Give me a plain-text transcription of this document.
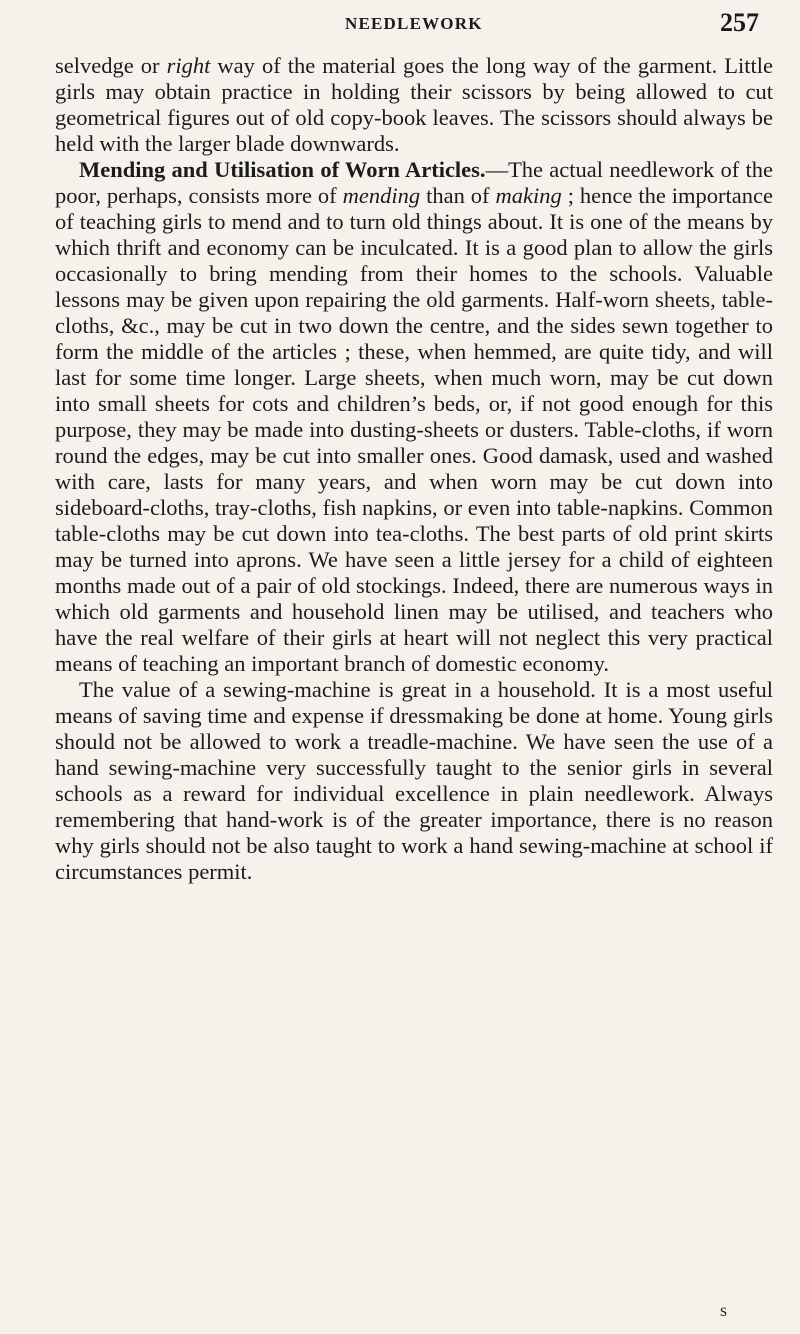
NEEDLEWORK	257

selvedge or right way of the material goes the long way of the garment. Little girls may obtain practice in holding their scissors by being allowed to cut geometrical figures out of old copy-book leaves. The scissors should always be held with the larger blade downwards.

Mending and Utilisation of Worn Articles.—The actual needlework of the poor, perhaps, consists more of mending than of making ; hence the importance of teaching girls to mend and to turn old things about. It is one of the means by which thrift and economy can be inculcated. It is a good plan to allow the girls occasionally to bring mending from their homes to the schools. Valuable lessons may be given upon repairing the old garments. Half-worn sheets, table-cloths, &c., may be cut in two down the centre, and the sides sewn together to form the middle of the articles ; these, when hemmed, are quite tidy, and will last for some time longer. Large sheets, when much worn, may be cut down into small sheets for cots and children’s beds, or, if not good enough for this purpose, they may be made into dusting-sheets or dusters. Table-cloths, if worn round the edges, may be cut into smaller ones. Good damask, used and washed with care, lasts for many years, and when worn may be cut down into sideboard-cloths, tray-cloths, fish napkins, or even into table-napkins. Common table-cloths may be cut down into tea-cloths. The best parts of old print skirts may be turned into aprons. We have seen a little jersey for a child of eighteen months made out of a pair of old stockings. Indeed, there are numerous ways in which old garments and household linen may be utilised, and teachers who have the real welfare of their girls at heart will not neglect this very practical means of teaching an important branch of domestic economy.

The value of a sewing-machine is great in a household. It is a most useful means of saving time and expense if dressmaking be done at home. Young girls should not be allowed to work a treadle-machine. We have seen the use of a hand sewing-machine very successfully taught to the senior girls in several schools as a reward for individual excellence in plain needlework. Always remembering that hand-work is of the greater importance, there is no reason why girls should not be also taught to work a hand sewing-machine at school if circumstances permit.

s
